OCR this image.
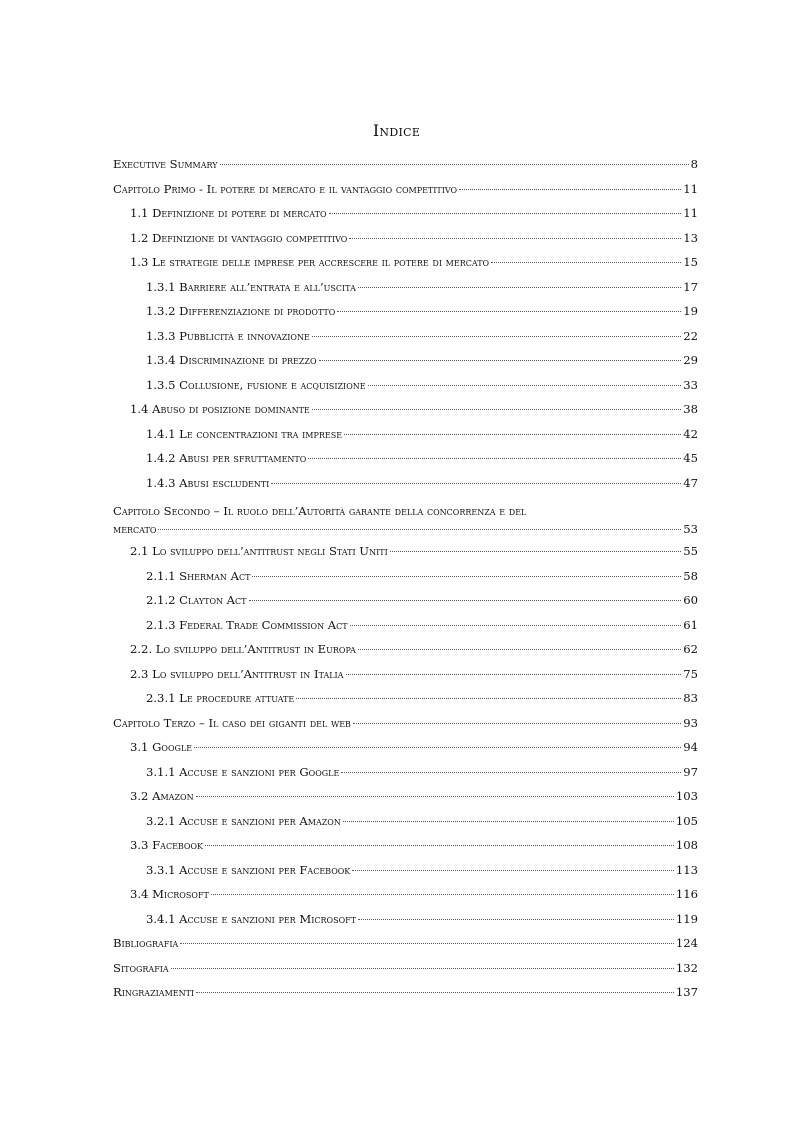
Indice
Executive Summary	8
Capitolo Primo - Il potere di mercato e il vantaggio competitivo	11
1.1 Definizione di potere di mercato	11
1.2 Definizione di vantaggio competitivo	13
1.3 Le strategie delle imprese per accrescere il potere di mercato	15
1.3.1 Barriere all’entrata e all’uscita	17
1.3.2 Differenziazione di prodotto	19
1.3.3 Pubblicità e innovazione	22
1.3.4 Discriminazione di prezzo	29
1.3.5 Collusione, fusione e acquisizione	33
1.4 Abuso di posizione dominante	38
1.4.1 Le concentrazioni tra imprese	42
1.4.2 Abusi per sfruttamento	45
1.4.3 Abusi escludenti	47
Capitolo Secondo – Il ruolo dell’Autorità garante della concorrenza e del
mercato	53
2.1 Lo sviluppo dell’antitrust negli Stati Uniti	55
2.1.1 Sherman Act	58
2.1.2 Clayton Act	60
2.1.3 Federal Trade Commission Act	61
2.2. Lo sviluppo dell’Antitrust in Europa	62
2.3 Lo sviluppo dell’Antitrust in Italia	75
2.3.1 Le procedure attuate	83
Capitolo Terzo – Il caso dei giganti del web	93
3.1 Google	94
3.1.1 Accuse e sanzioni per Google	97
3.2 Amazon	103
3.2.1 Accuse e sanzioni per Amazon	105
3.3 Facebook	108
3.3.1 Accuse e sanzioni per Facebook	113
3.4 Microsoft	116
3.4.1 Accuse e sanzioni per Microsoft	119
Bibliografia	124
Sitografia	132
Ringraziamenti	137
